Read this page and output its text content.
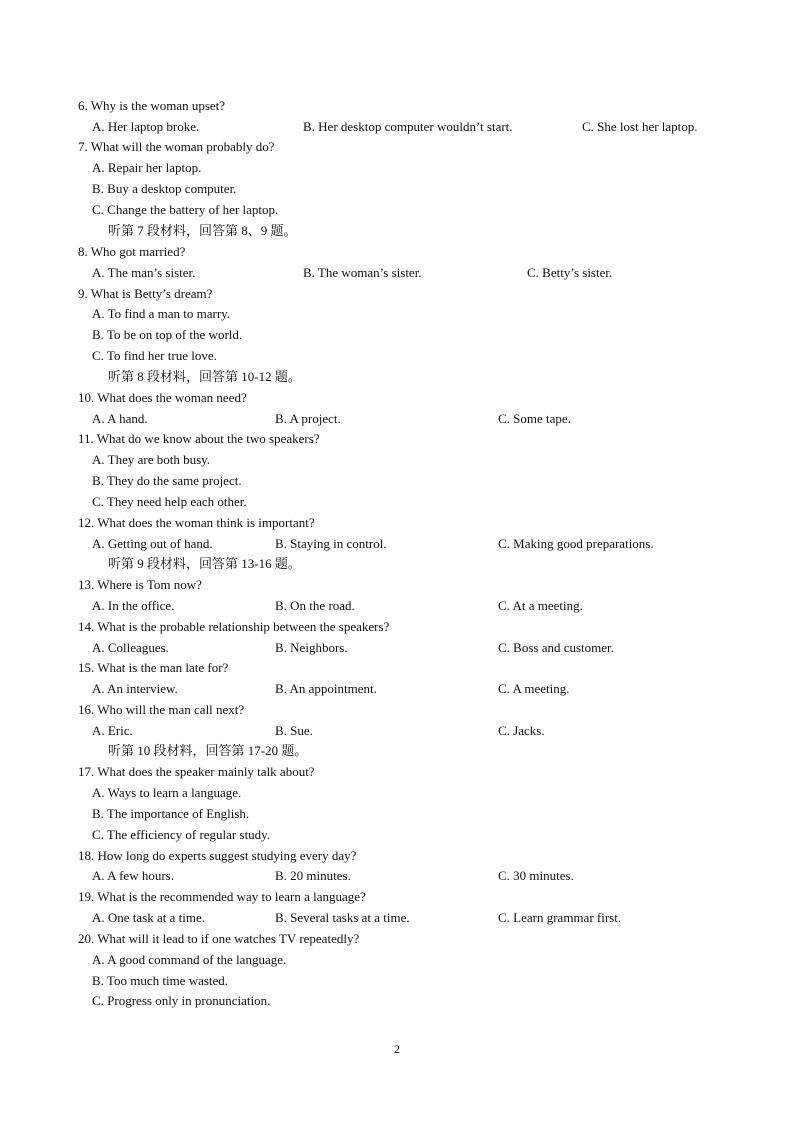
6. Why is the woman upset?
A. Her laptop broke.	B. Her desktop computer wouldn’t start.	C. She lost her laptop.
7. What will the woman probably do?
A. Repair her laptop.
B. Buy a desktop computer.
C. Change the battery of her laptop.
听第 7 段材料，回答第 8、9 题。
8. Who got married?
A. The man’s sister.	B. The woman’s sister.	C. Betty’s sister.
9. What is Betty’s dream?
A. To find a man to marry.
B. To be on top of the world.
C. To find her true love.
听第 8 段材料，回答第 10-12 题。
10. What does the woman need?
A. A hand.	B. A project.	C. Some tape.
11. What do we know about the two speakers?
A. They are both busy.
B. They do the same project.
C. They need help each other.
12. What does the woman think is important?
A. Getting out of hand.	B. Staying in control.	C. Making good preparations.
听第 9 段材料，回答第 13-16 题。
13. Where is Tom now?
A. In the office.	B. On the road.	C. At a meeting.
14. What is the probable relationship between the speakers?
A. Colleagues.	B. Neighbors.	C. Boss and customer.
15. What is the man late for?
A. An interview.	B. An appointment.	C. A meeting.
16. Who will the man call next?
A. Eric.	B. Sue.	C. Jacks.
听第 10 段材料，回答第 17-20 题。
17. What does the speaker mainly talk about?
A. Ways to learn a language.
B. The importance of English.
C. The efficiency of regular study.
18. How long do experts suggest studying every day?
A. A few hours.	B. 20 minutes.	C. 30 minutes.
19. What is the recommended way to learn a language?
A. One task at a time.	B. Several tasks at a time.	C. Learn grammar first.
20. What will it lead to if one watches TV repeatedly?
A. A good command of the language.
B. Too much time wasted.
C. Progress only in pronunciation.
2
